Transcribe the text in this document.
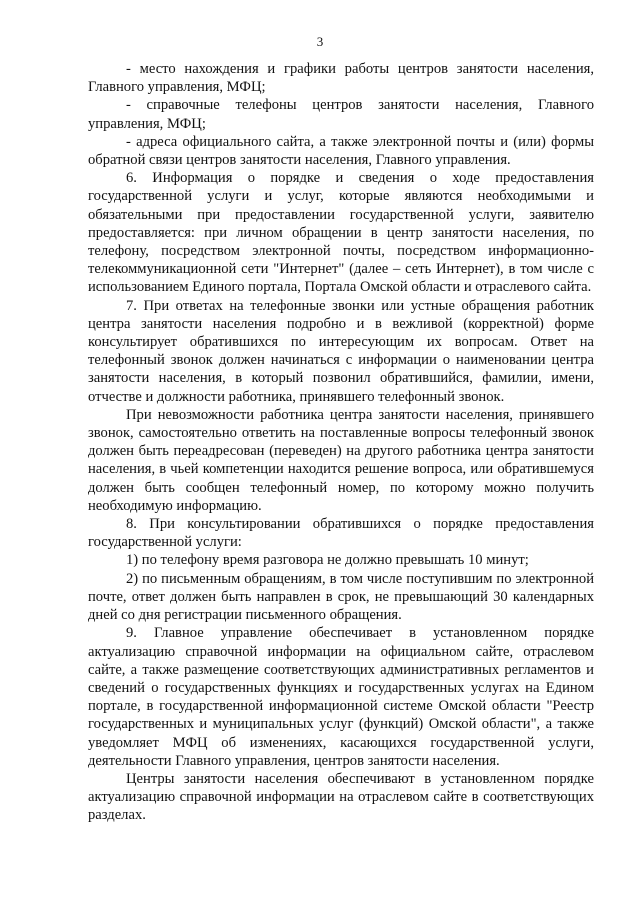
3

- место нахождения и графики работы центров занятости населения, Главного управления, МФЦ;

- справочные телефоны центров занятости населения, Главного управления, МФЦ;

- адреса официального сайта, а также электронной почты и (или) формы обратной связи центров занятости населения, Главного управления.

6. Информация о порядке и сведения о ходе предоставления государственной услуги и услуг, которые являются необходимыми и обязательными при предоставлении государственной услуги, заявителю предоставляется: при личном обращении в центр занятости населения, по телефону, посредством электронной почты, посредством информационно-телекоммуникационной сети "Интернет" (далее – сеть Интернет), в том числе с использованием Единого портала, Портала Омской области и отраслевого сайта.

7. При ответах на телефонные звонки или устные обращения работник центра занятости населения подробно и в вежливой (корректной) форме консультирует обратившихся по интересующим их вопросам. Ответ на телефонный звонок должен начинаться с информации о наименовании центра занятости населения, в который позвонил обратившийся, фамилии, имени, отчестве и должности работника, принявшего телефонный звонок.

При невозможности работника центра занятости населения, принявшего звонок, самостоятельно ответить на поставленные вопросы телефонный звонок должен быть переадресован (переведен) на другого работника центра занятости населения, в чьей компетенции находится решение вопроса, или обратившемуся должен быть сообщен телефонный номер, по которому можно получить необходимую информацию.

8. При консультировании обратившихся о порядке предоставления государственной услуги:

1) по телефону время разговора не должно превышать 10 минут;

2) по письменным обращениям, в том числе поступившим по электронной почте, ответ должен быть направлен в срок, не превышающий 30 календарных дней со дня регистрации письменного обращения.

9. Главное управление обеспечивает в установленном порядке актуализацию справочной информации на официальном сайте, отраслевом сайте, а также размещение соответствующих административных регламентов и сведений о государственных функциях и государственных услугах на Едином портале, в государственной информационной системе Омской области "Реестр государственных и муниципальных услуг (функций) Омской области", а также уведомляет МФЦ об изменениях, касающихся государственной услуги, деятельности Главного управления, центров занятости населения.

Центры занятости населения обеспечивают в установленном порядке актуализацию справочной информации на отраслевом сайте в соответствующих разделах.
